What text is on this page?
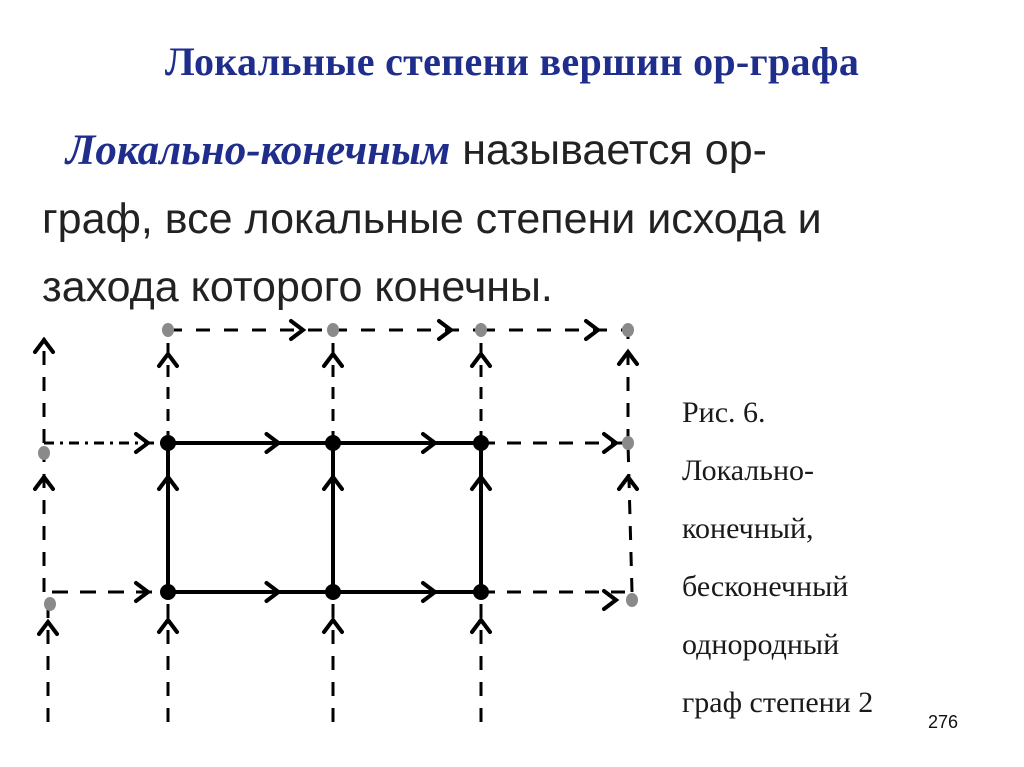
Локальные степени вершин ор-графа
Локально-конечным называется ор-
граф, все локальные степени исхода и
захода которого конечны.
Рис. 6.
Локально-
конечный,
бесконечный
однородный
граф степени 2
276
